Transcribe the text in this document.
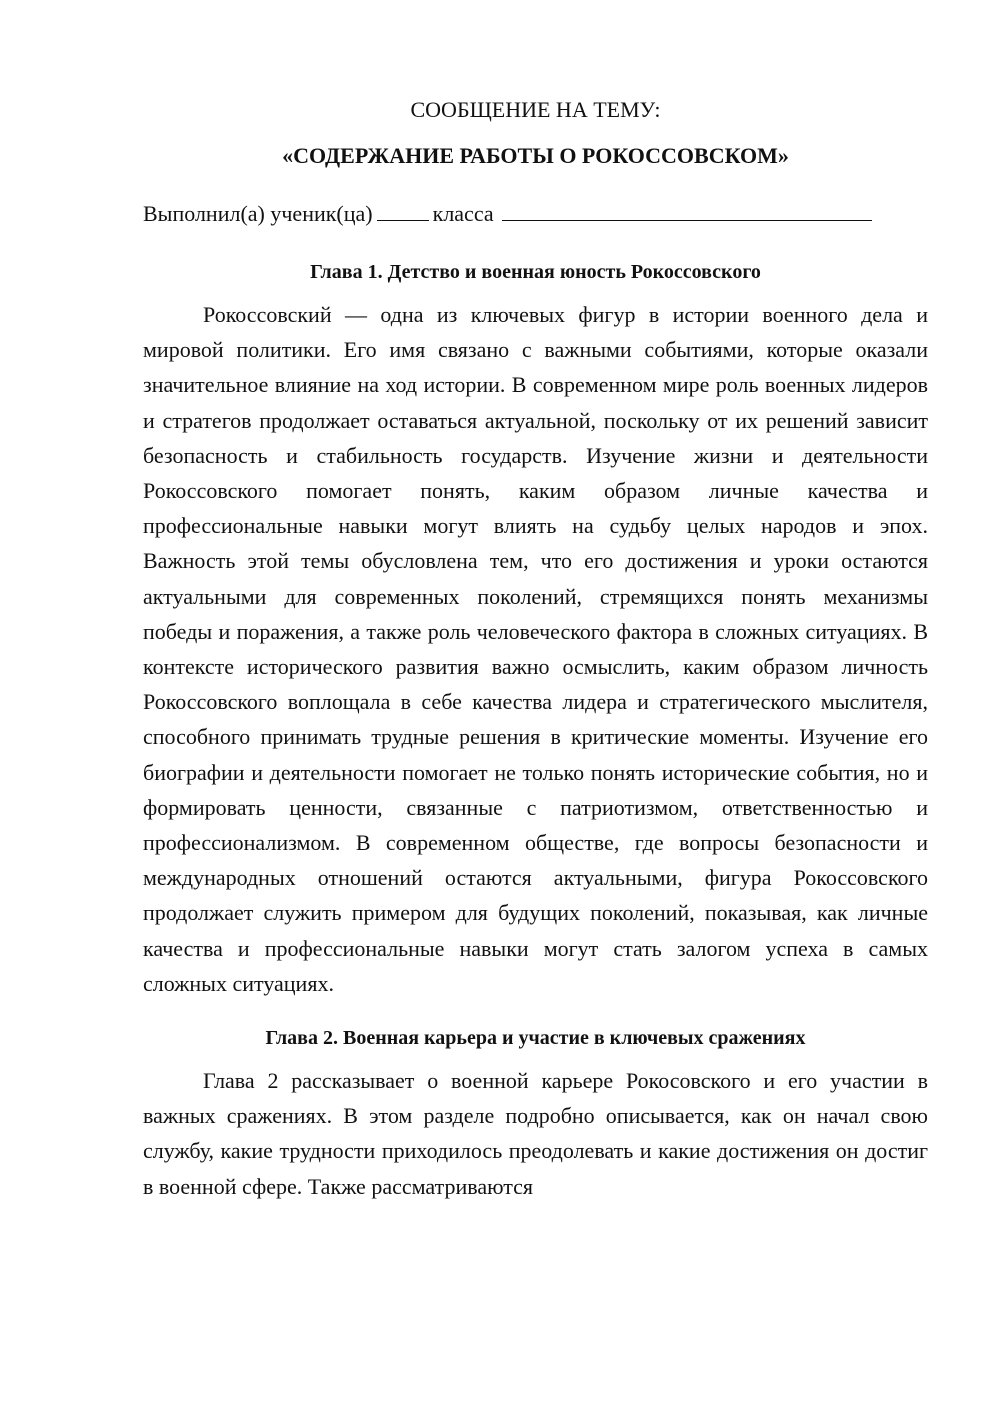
СООБЩЕНИЕ НА ТЕМУ:

«СОДЕРЖАНИЕ РАБОТЫ О РОКОССОВСКОМ»

Выполнил(а) ученик(ца)	класса
Глава 1. Детство и военная юность Рокоссовского

Рокоссовский — одна из ключевых фигур в истории военного дела и мировой политики. Его имя связано с важными событиями, которые оказали значительное влияние на ход истории. В современном мире роль военных лидеров и стратегов продолжает оставаться актуальной, поскольку от их решений зависит безопасность и стабильность государств. Изучение жизни и деятельности Рокоссовского помогает понять, каким образом личные качества и профессиональные навыки могут влиять на судьбу целых народов и эпох. Важность этой темы обусловлена тем, что его достижения и уроки остаются актуальными для современных поколений, стремящихся понять механизмы победы и поражения, а также роль человеческого фактора в сложных ситуациях. В контексте исторического развития важно осмыслить, каким образом личность Рокоссовского воплощала в себе качества лидера и стратегического мыслителя, способного принимать трудные решения в критические моменты. Изучение его биографии и деятельности помогает не только понять исторические события, но и формировать ценности, связанные с патриотизмом, ответственностью и профессионализмом. В современном обществе, где вопросы безопасности и международных отношений остаются актуальными, фигура Рокоссовского продолжает служить примером для будущих поколений, показывая, как личные качества и профессиональные навыки могут стать залогом успеха в самых сложных ситуациях.

Глава 2. Военная карьера и участие в ключевых сражениях

Глава 2 рассказывает о военной карьере Рокосовского и его участии в важных сражениях. В этом разделе подробно описывается, как он начал свою службу, какие трудности приходилось преодолевать и какие достижения он достиг в военной сфере. Также рассматриваются
